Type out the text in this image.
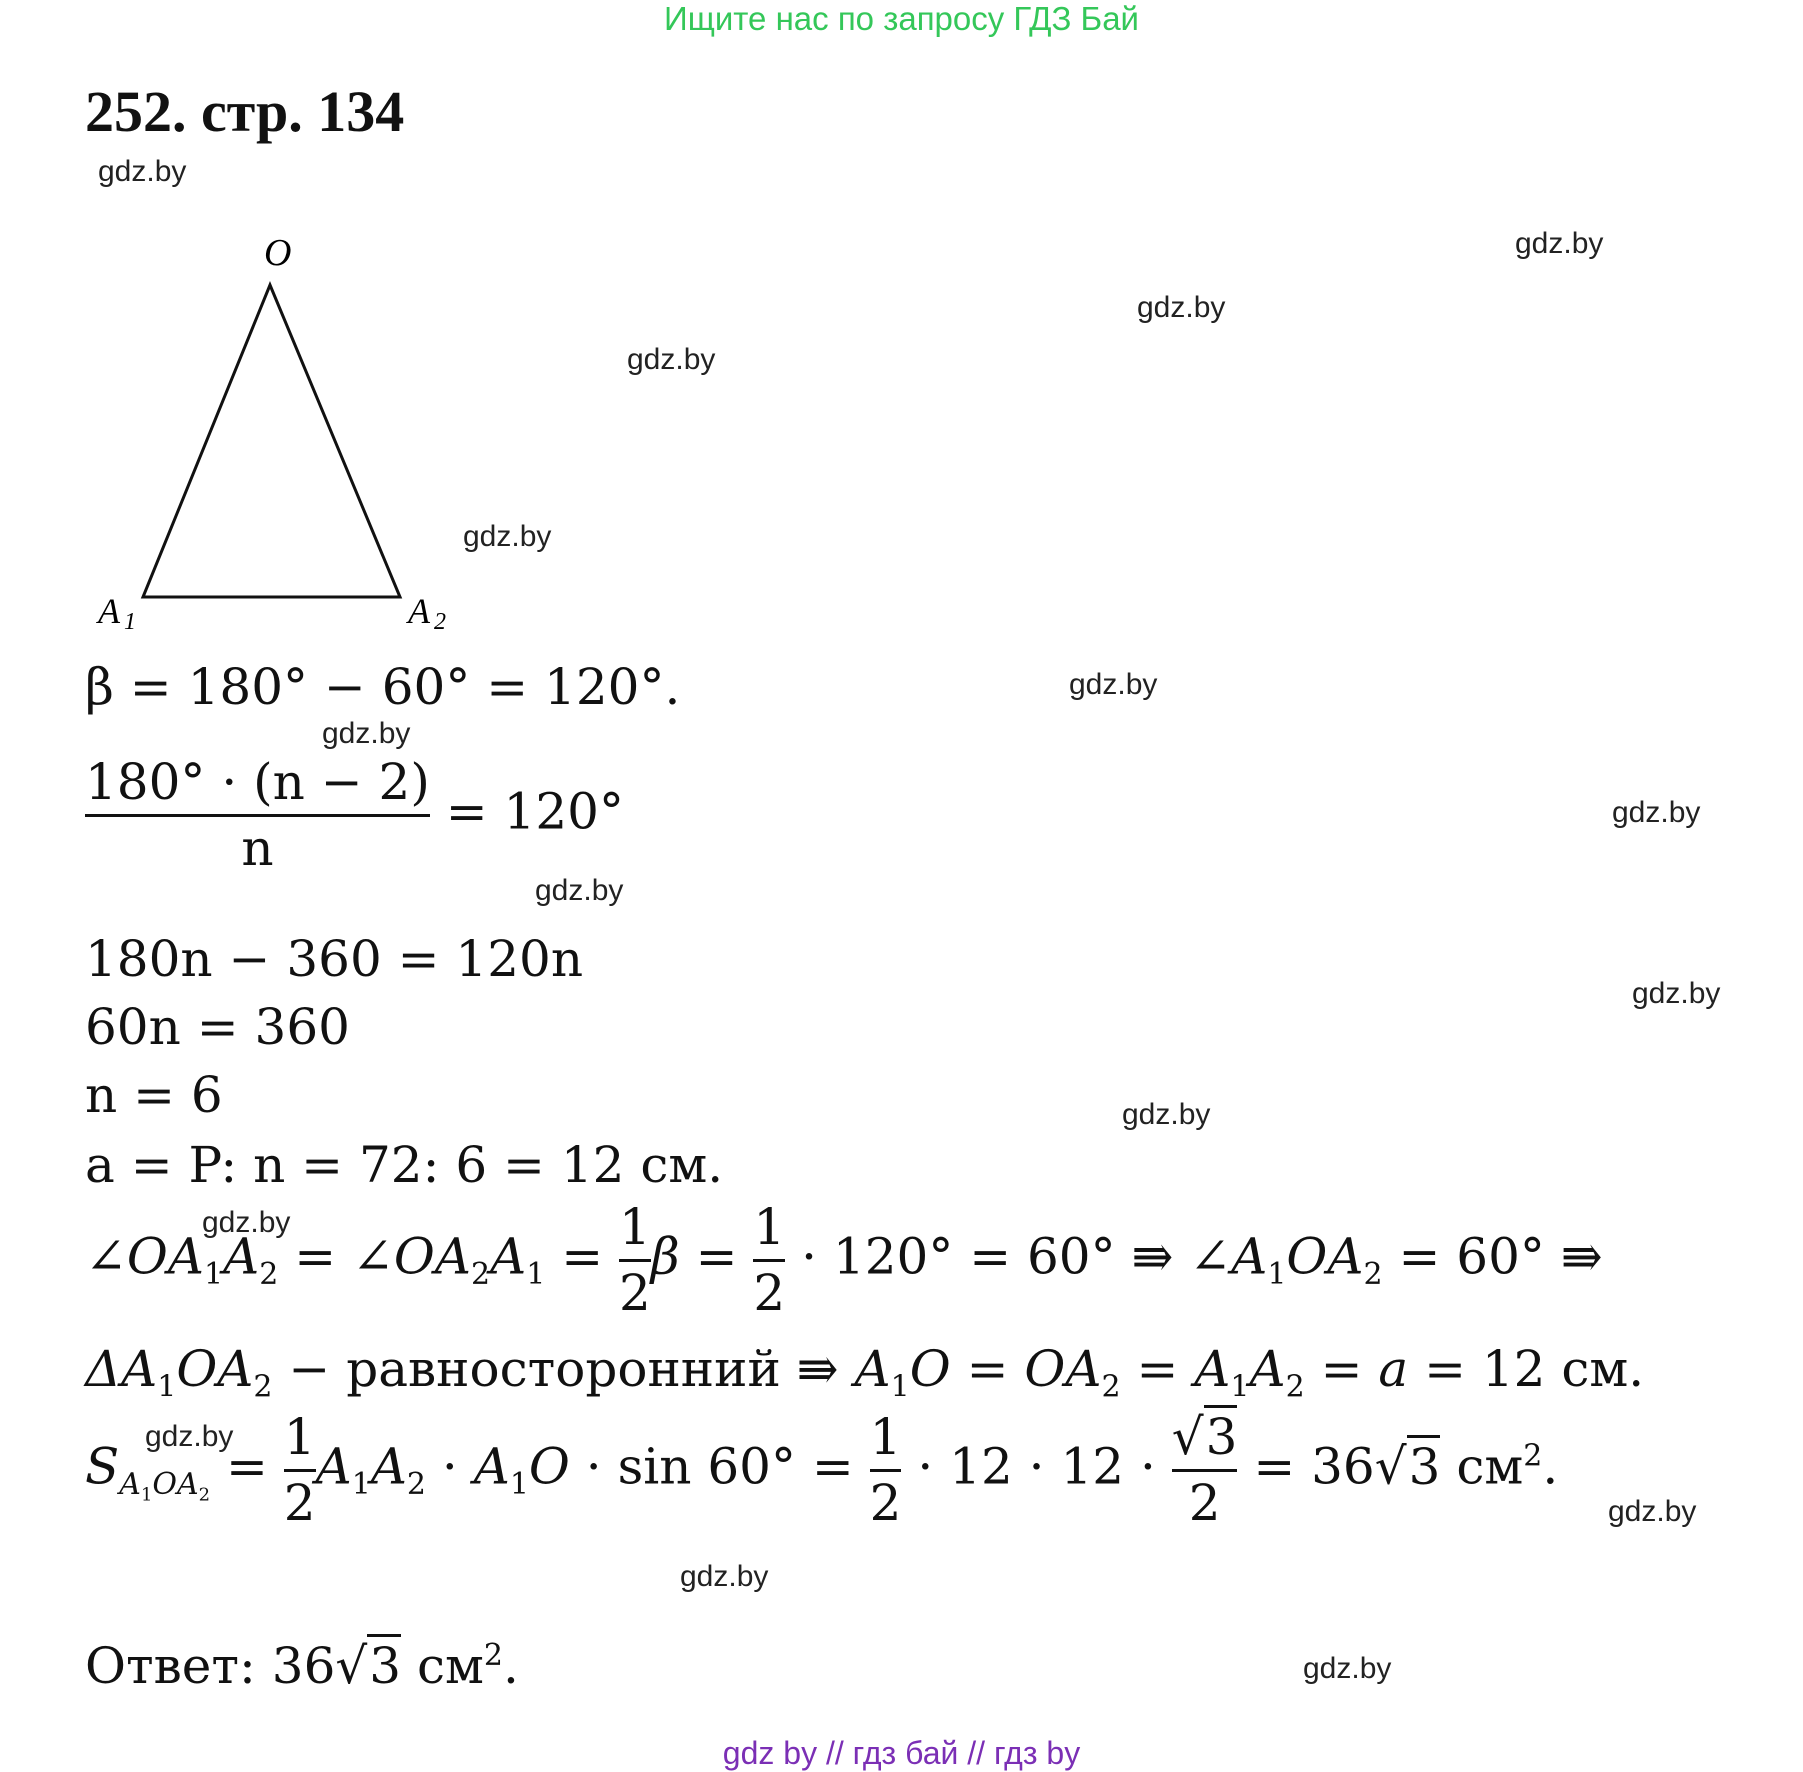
Ищите нас по запросу ГДЗ Бай
252. стр. 134
gdz.by
gdz.by
gdz.by
gdz.by
gdz.by
gdz.by
gdz.by
gdz.by
gdz.by
gdz.by
gdz.by
gdz.by
gdz.by
gdz.by
gdz.by
gdz.by
O
A 1	A 2
β = 180° − 60° = 120°.
$\frac{180^\circ \cdot (n - 2)}{n} = 120^\circ$
180n − 360 = 120n
60n = 360
n = 6
a = P: n = 72: 6 = 12 см.
$\angle OA_1A_2$ = $\angle OA_2A_1 = \frac{1}{2}$ $\beta = \frac{1}{2} \cdot 120^\circ = 60^\circ$ ⇛ $\angle A_1OA_2 = 60^\circ$ ⇛
$\Delta A_1OA_2$ − равносторонний ⇛ $A_1O = OA_2 = A_1A_2 = a = 12$ см.
$S_{A_1OA_2} = \frac{1}{2} A_1A_2 \cdot A_1O \cdot \sin 60^\circ = \frac{1}{2} \cdot 12 \cdot 12 \cdot \frac{√3}{2} = 36√3$ $см^2$.
Ответ: 36√3 $см^2$.
gdz by // гдз бай // гдз by
